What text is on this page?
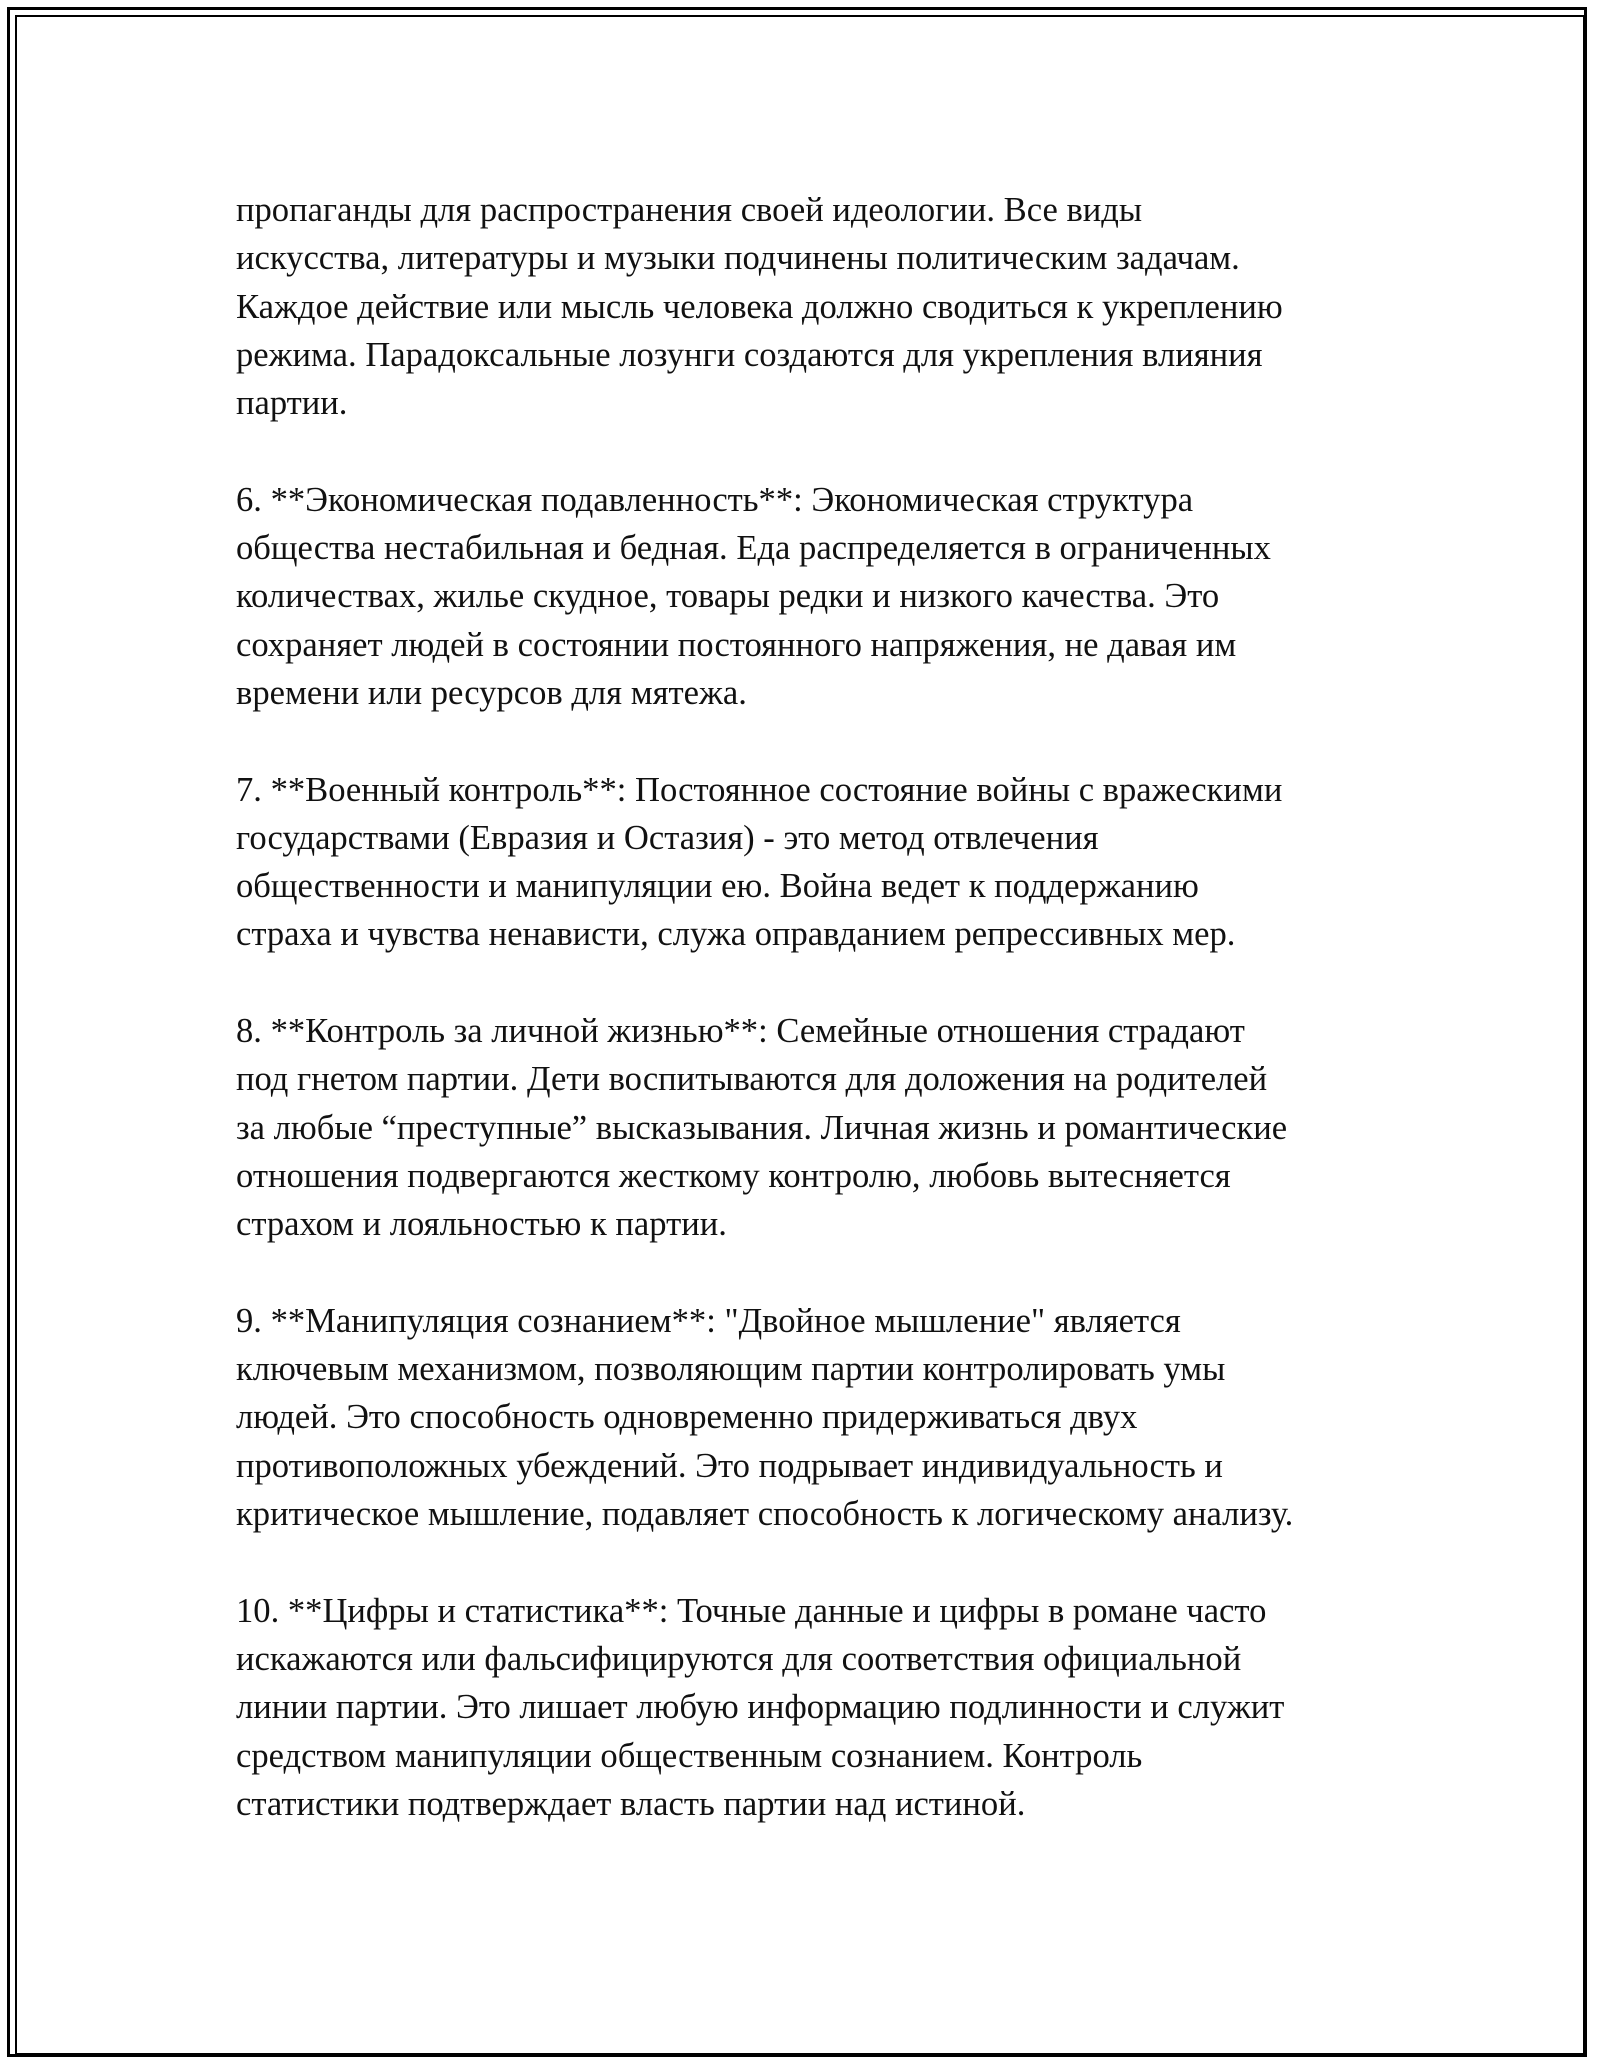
пропаганды для распространения своей идеологии. Все виды
искусства, литературы и музыки подчинены политическим задачам.
Каждое действие или мысль человека должно сводиться к укреплению
режима. Парадоксальные лозунги создаются для укрепления влияния
партии.

6. **Экономическая подавленность**: Экономическая структура
общества нестабильная и бедная. Еда распределяется в ограниченных
количествах, жилье скудное, товары редки и низкого качества. Это
сохраняет людей в состоянии постоянного напряжения, не давая им
времени или ресурсов для мятежа.

7. **Военный контроль**: Постоянное состояние войны с вражескими
государствами (Евразия и Остазия) - это метод отвлечения
общественности и манипуляции ею. Война ведет к поддержанию
страха и чувства ненависти, служа оправданием репрессивных мер.

8. **Контроль за личной жизнью**: Семейные отношения страдают
под гнетом партии. Дети воспитываются для доложения на родителей
за любые “преступные” высказывания. Личная жизнь и романтические
отношения подвергаются жесткому контролю, любовь вытесняется
страхом и лояльностью к партии.

9. **Манипуляция сознанием**: "Двойное мышление" является
ключевым механизмом, позволяющим партии контролировать умы
людей. Это способность одновременно придерживаться двух
противоположных убеждений. Это подрывает индивидуальность и
критическое мышление, подавляет способность к логическому анализу.

10. **Цифры и статистика**: Точные данные и цифры в романе часто
искажаются или фальсифицируются для соответствия официальной
линии партии. Это лишает любую информацию подлинности и служит
средством манипуляции общественным сознанием. Контроль
статистики подтверждает власть партии над истиной.
